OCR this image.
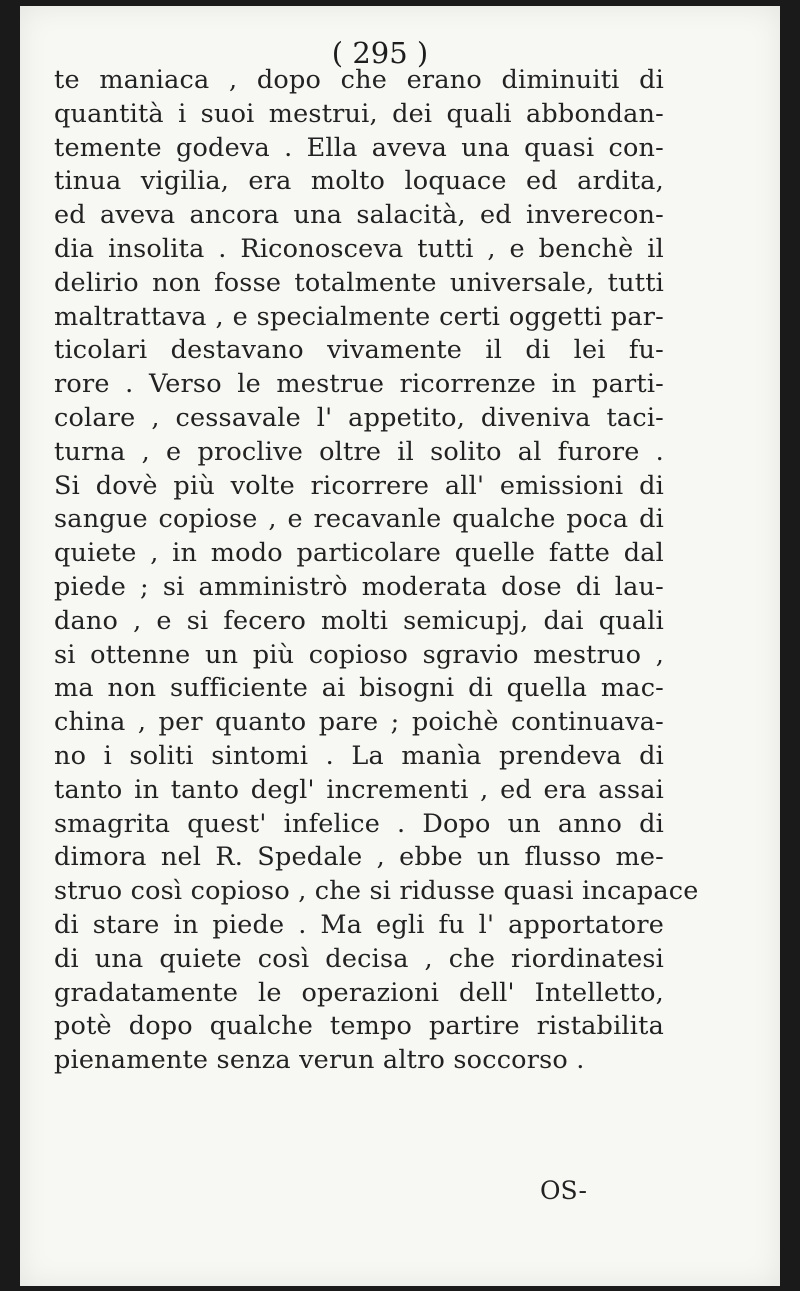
( 295 )
te maniaca , dopo che erano diminuiti di
quantità i suoi mestrui, dei quali abbondan-
temente godeva . Ella aveva una quasi con-
tinua vigilia, era molto loquace ed ardita,
ed aveva ancora una salacità, ed inverecon-
dia insolita . Riconosceva tutti , e benchè il
delirio non fosse totalmente universale, tutti
maltrattava , e specialmente certi oggetti par-
ticolari destavano vivamente il di lei fu-
rore . Verso le mestrue ricorrenze in parti-
colare , cessavale l' appetito, diveniva taci-
turna , e proclive oltre il solito al furore .
Si dovè più volte ricorrere all' emissioni di
sangue copiose , e recavanle qualche poca di
quiete , in modo particolare quelle fatte dal
piede ; si amministrò moderata dose di lau-
dano , e si fecero molti semicupj, dai quali
si ottenne un più copioso sgravio mestruo ,
ma non sufficiente ai bisogni di quella mac-
china , per quanto pare ; poichè continuava-
no i soliti sintomi . La manìa prendeva di
tanto in tanto degl' incrementi , ed era assai
smagrita quest' infelice . Dopo un anno di
dimora nel R. Spedale , ebbe un flusso me-
struo così copioso , che si ridusse quasi incapace
di stare in piede . Ma egli fu l' apportatore
di una quiete così decisa , che riordinatesi
gradatamente le operazioni dell' Intelletto,
potè dopo qualche tempo partire ristabilita
pienamente senza verun altro soccorso .
OS-
